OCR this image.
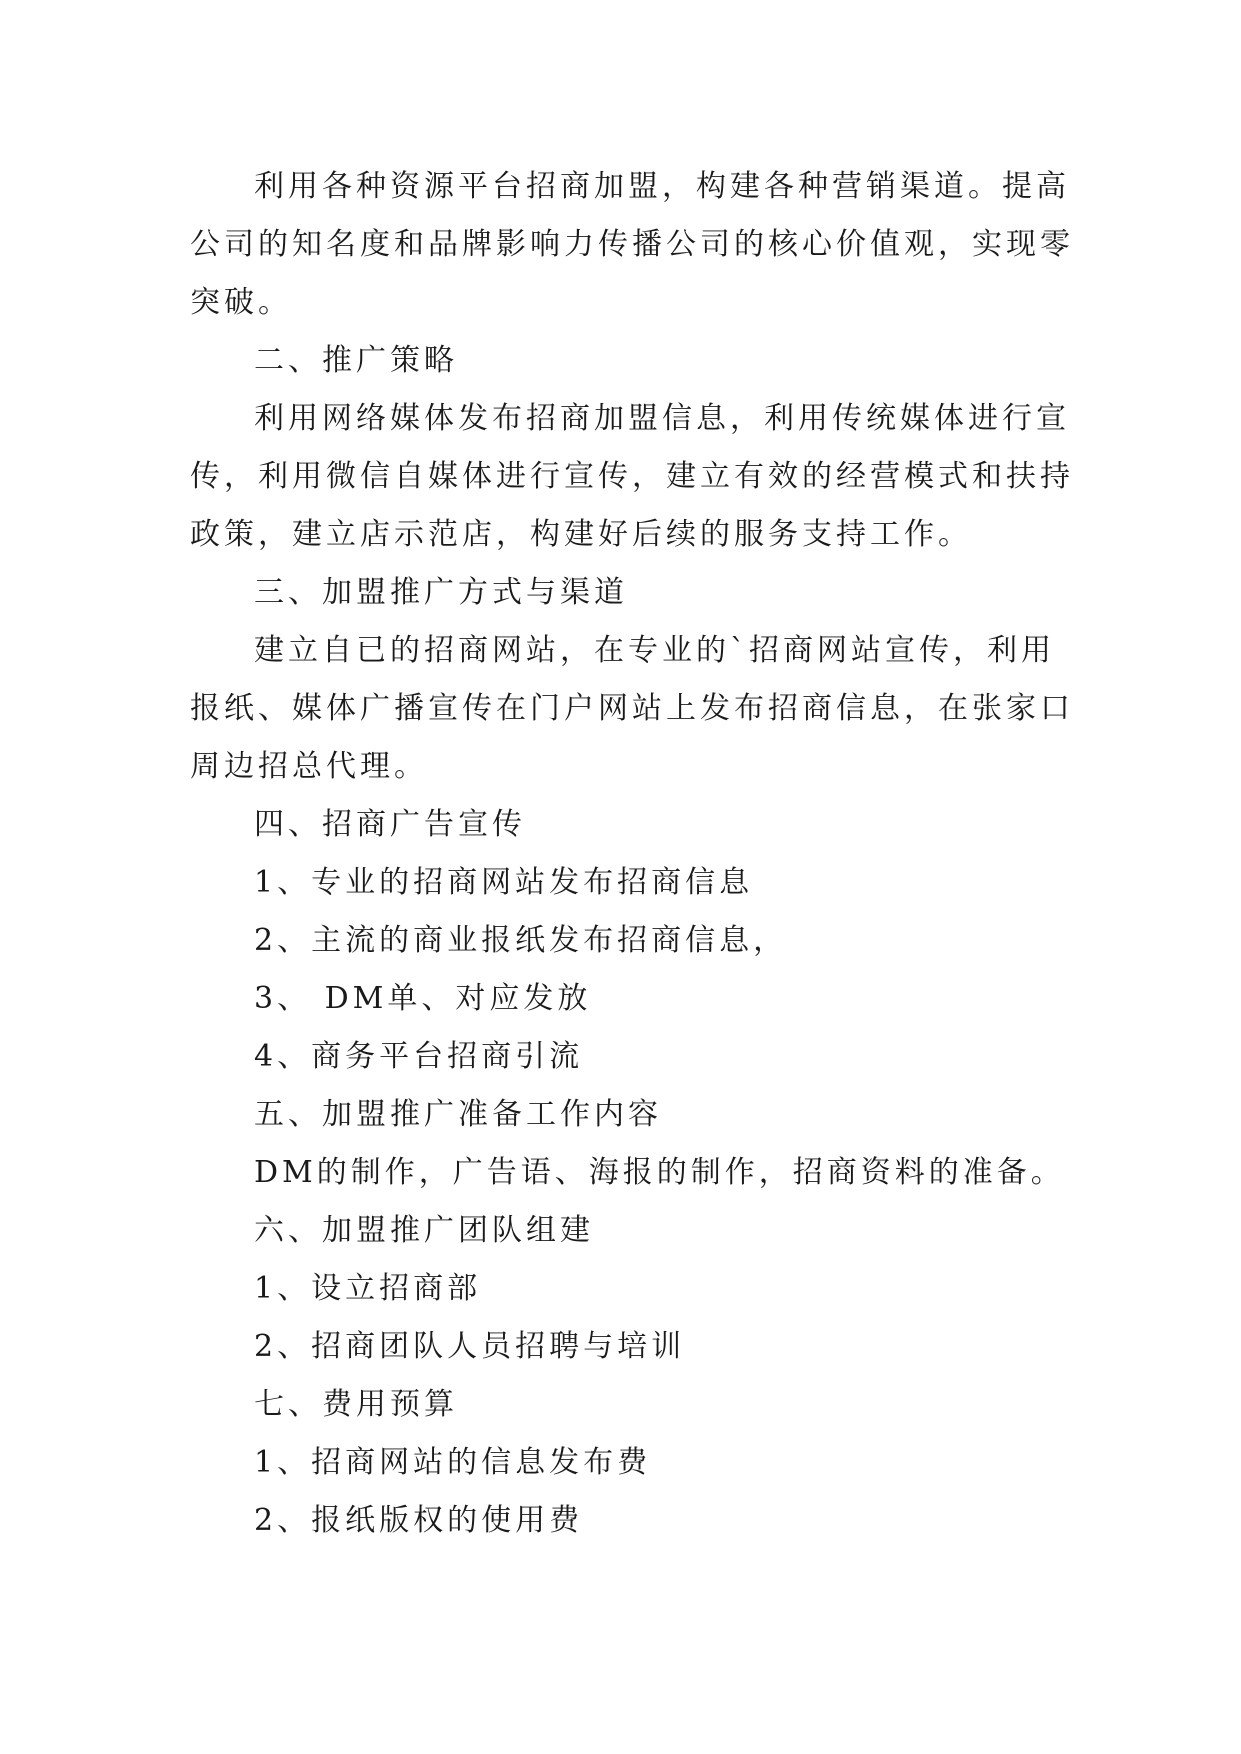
利用各种资源平台招商加盟，构建各种营销渠道。提高
公司的知名度和品牌影响力传播公司的核心价值观，实现零
突破。
二、推广策略
利用网络媒体发布招商加盟信息，利用传统媒体进行宣
传，利用微信自媒体进行宣传，建立有效的经营模式和扶持
政策，建立店示范店，构建好后续的服务支持工作。
三、加盟推广方式与渠道
建立自已的招商网站，在专业的`招商网站宣传，利用
报纸、媒体广播宣传在门户网站上发布招商信息，在张家口
周边招总代理。
四、招商广告宣传
1、专业的招商网站发布招商信息
2、主流的商业报纸发布招商信息，
3、 DM单、对应发放
4、商务平台招商引流
五、加盟推广准备工作内容
DM的制作，广告语、海报的制作，招商资料的准备。
六、加盟推广团队组建
1、设立招商部
2、招商团队人员招聘与培训
七、费用预算
1、招商网站的信息发布费
2、报纸版权的使用费
